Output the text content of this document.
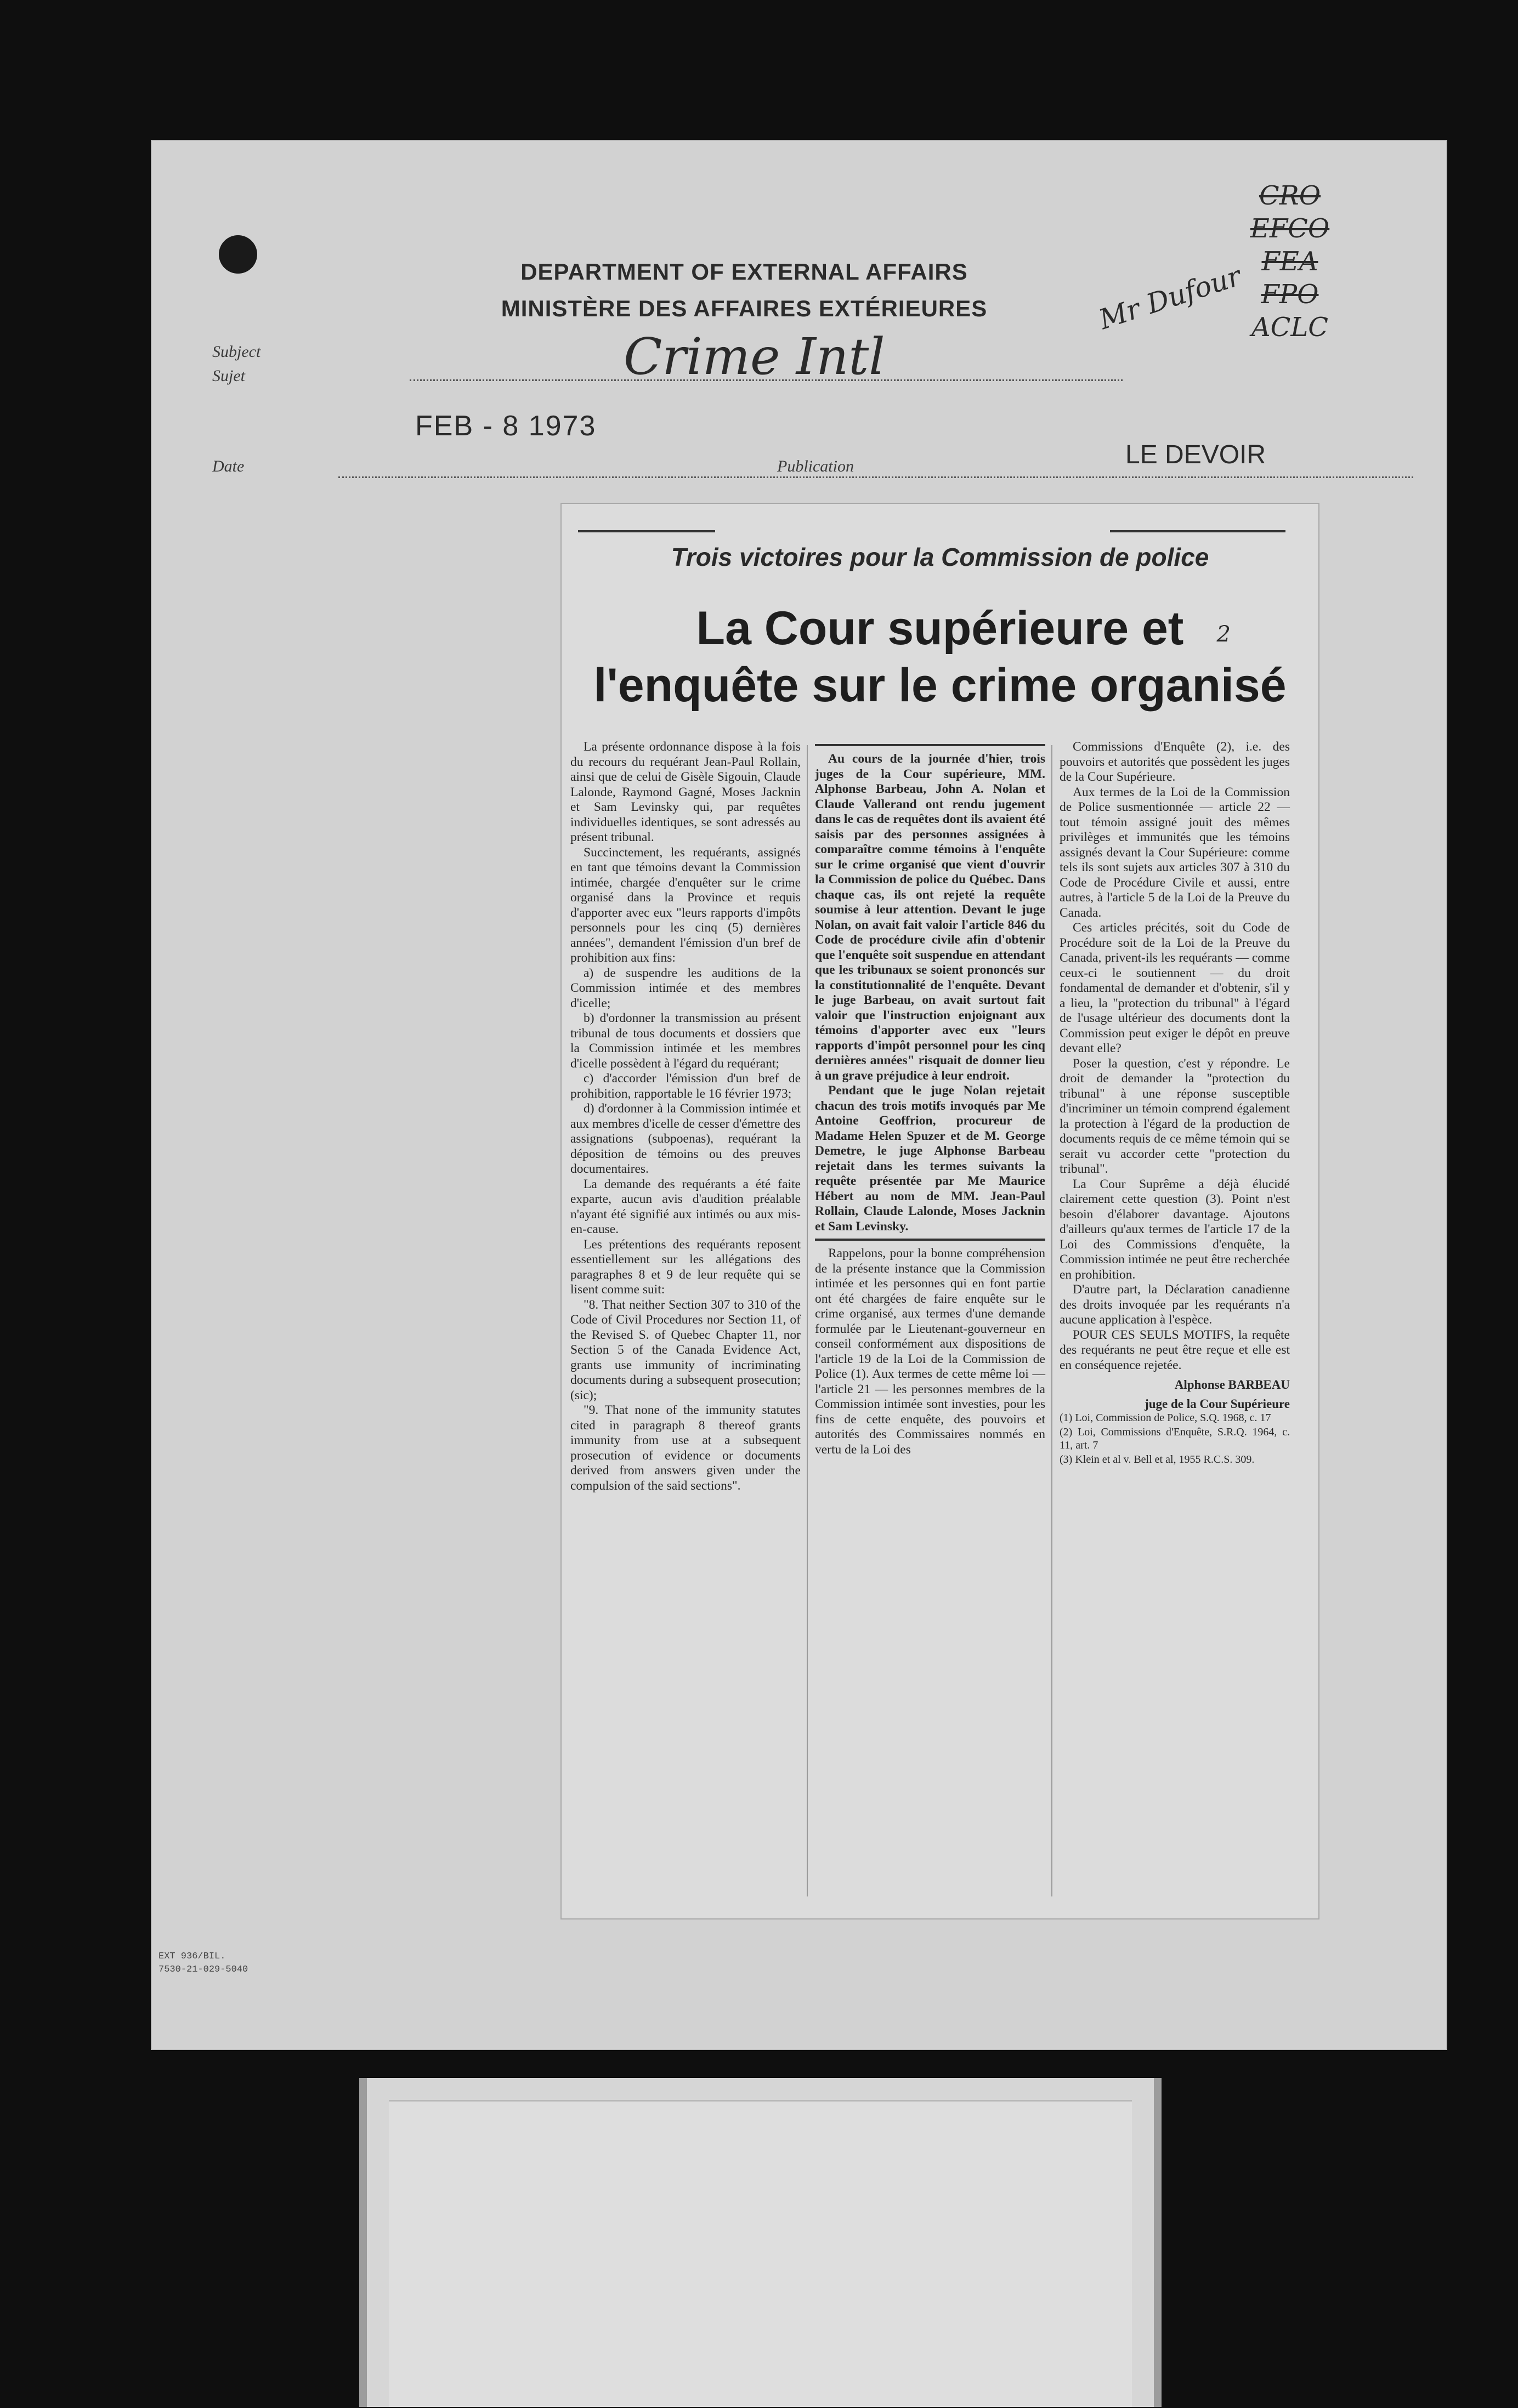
DEPARTMENT OF EXTERNAL AFFAIRS
MINISTÈRE DES AFFAIRES EXTÉRIEURES
CRO
EFCO
FEA
FPO
ACLC
Mr Dufour
Subject
Sujet	Crime Intl
Date
FEB - 8 1973
Publication	LE DEVOIR
Trois victoires pour la Commission de police
La Cour supérieure et
l'enquête sur le crime organisé
2

La présente ordonnance dispose à la fois du recours du requérant Jean-Paul Rollain, ainsi que de celui de Gisèle Sigouin, Claude Lalonde, Raymond Gagné, Moses Jacknin et Sam Levinsky qui, par requêtes individuelles identiques, se sont adressés au présent tribunal.

Succinctement, les requérants, assignés en tant que témoins devant la Commission intimée, chargée d'enquêter sur le crime organisé dans la Province et requis d'apporter avec eux "leurs rapports d'impôts personnels pour les cinq (5) dernières années", demandent l'émission d'un bref de prohibition aux fins:

a) de suspendre les auditions de la Commission intimée et des membres d'icelle;

b) d'ordonner la transmission au présent tribunal de tous documents et dossiers que la Commission intimée et les membres d'icelle possèdent à l'égard du requérant;

c) d'accorder l'émission d'un bref de prohibition, rapportable le 16 février 1973;

d) d'ordonner à la Commission intimée et aux membres d'icelle de cesser d'émettre des assignations (subpoenas), requérant la déposition de témoins ou des preuves documentaires.

La demande des requérants a été faite exparte, aucun avis d'audition préalable n'ayant été signifié aux intimés ou aux mis-en-cause.

Les prétentions des requérants reposent essentiellement sur les allégations des paragraphes 8 et 9 de leur requête qui se lisent comme suit:

"8. That neither Section 307 to 310 of the Code of Civil Procedures nor Section 11, of the Revised S. of Quebec Chapter 11, nor Section 5 of the Canada Evidence Act, grants use immunity of incriminating documents during a subsequent prosecution; (sic);

"9. That none of the immunity statutes cited in paragraph 8 thereof grants immunity from use at a subsequent prosecution of evidence or documents derived from answers given under the compulsion of the said sections".

Au cours de la journée d'hier, trois juges de la Cour supérieure, MM. Alphonse Barbeau, John A. Nolan et Claude Vallerand ont rendu jugement dans le cas de requêtes dont ils avaient été saisis par des personnes assignées à comparaître comme témoins à l'enquête sur le crime organisé que vient d'ouvrir la Commission de police du Québec. Dans chaque cas, ils ont rejeté la requête soumise à leur attention. Devant le juge Nolan, on avait fait valoir l'article 846 du Code de procédure civile afin d'obtenir que l'enquête soit suspendue en attendant que les tribunaux se soient prononcés sur la constitutionnalité de l'enquête. Devant le juge Barbeau, on avait surtout fait valoir que l'instruction enjoignant aux témoins d'apporter avec eux "leurs rapports d'impôt personnel pour les cinq dernières années" risquait de donner lieu à un grave préjudice à leur endroit.

Pendant que le juge Nolan rejetait chacun des trois motifs invoqués par Me Antoine Geoffrion, procureur de Madame Helen Spuzer et de M. George Demetre, le juge Alphonse Barbeau rejetait dans les termes suivants la requête présentée par Me Maurice Hébert au nom de MM. Jean-Paul Rollain, Claude Lalonde, Moses Jacknin et Sam Levinsky.

Rappelons, pour la bonne compréhension de la présente instance que la Commission intimée et les personnes qui en font partie ont été chargées de faire enquête sur le crime organisé, aux termes d'une demande formulée par le Lieutenant-gouverneur en conseil conformément aux dispositions de l'article 19 de la Loi de la Commission de Police (1). Aux termes de cette même loi — l'article 21 — les personnes membres de la Commission intimée sont investies, pour les fins de cette enquête, des pouvoirs et autorités des Commissaires nommés en vertu de la Loi des

Commissions d'Enquête (2), i.e. des pouvoirs et autorités que possèdent les juges de la Cour Supérieure.

Aux termes de la Loi de la Commission de Police susmentionnée — article 22 — tout témoin assigné jouit des mêmes privilèges et immunités que les témoins assignés devant la Cour Supérieure: comme tels ils sont sujets aux articles 307 à 310 du Code de Procédure Civile et aussi, entre autres, à l'article 5 de la Loi de la Preuve du Canada.

Ces articles précités, soit du Code de Procédure soit de la Loi de la Preuve du Canada, privent-ils les requérants — comme ceux-ci le soutiennent — du droit fondamental de demander et d'obtenir, s'il y a lieu, la "protection du tribunal" à l'égard de l'usage ultérieur des documents dont la Commission peut exiger le dépôt en preuve devant elle?

Poser la question, c'est y répondre. Le droit de demander la "protection du tribunal" à une réponse susceptible d'incriminer un témoin comprend également la protection à l'égard de la production de documents requis de ce même témoin qui se serait vu accorder cette "protection du tribunal".

La Cour Suprême a déjà élucidé clairement cette question (3). Point n'est besoin d'élaborer davantage. Ajoutons d'ailleurs qu'aux termes de l'article 17 de la Loi des Commissions d'enquête, la Commission intimée ne peut être recherchée en prohibition.

D'autre part, la Déclaration canadienne des droits invoquée par les requérants n'a aucune application à l'espèce.

POUR CES SEULS MOTIFS, la requête des requérants ne peut être reçue et elle est en conséquence rejetée.

Alphonse BARBEAU
juge de la Cour Supérieure

(1) Loi, Commission de Police, S.Q. 1968, c. 17

(2) Loi, Commissions d'Enquête, S.R.Q. 1964, c. 11, art. 7

(3) Klein et al v. Bell et al, 1955 R.C.S. 309.

EXT 936/BIL.
7530-21-029-5040
